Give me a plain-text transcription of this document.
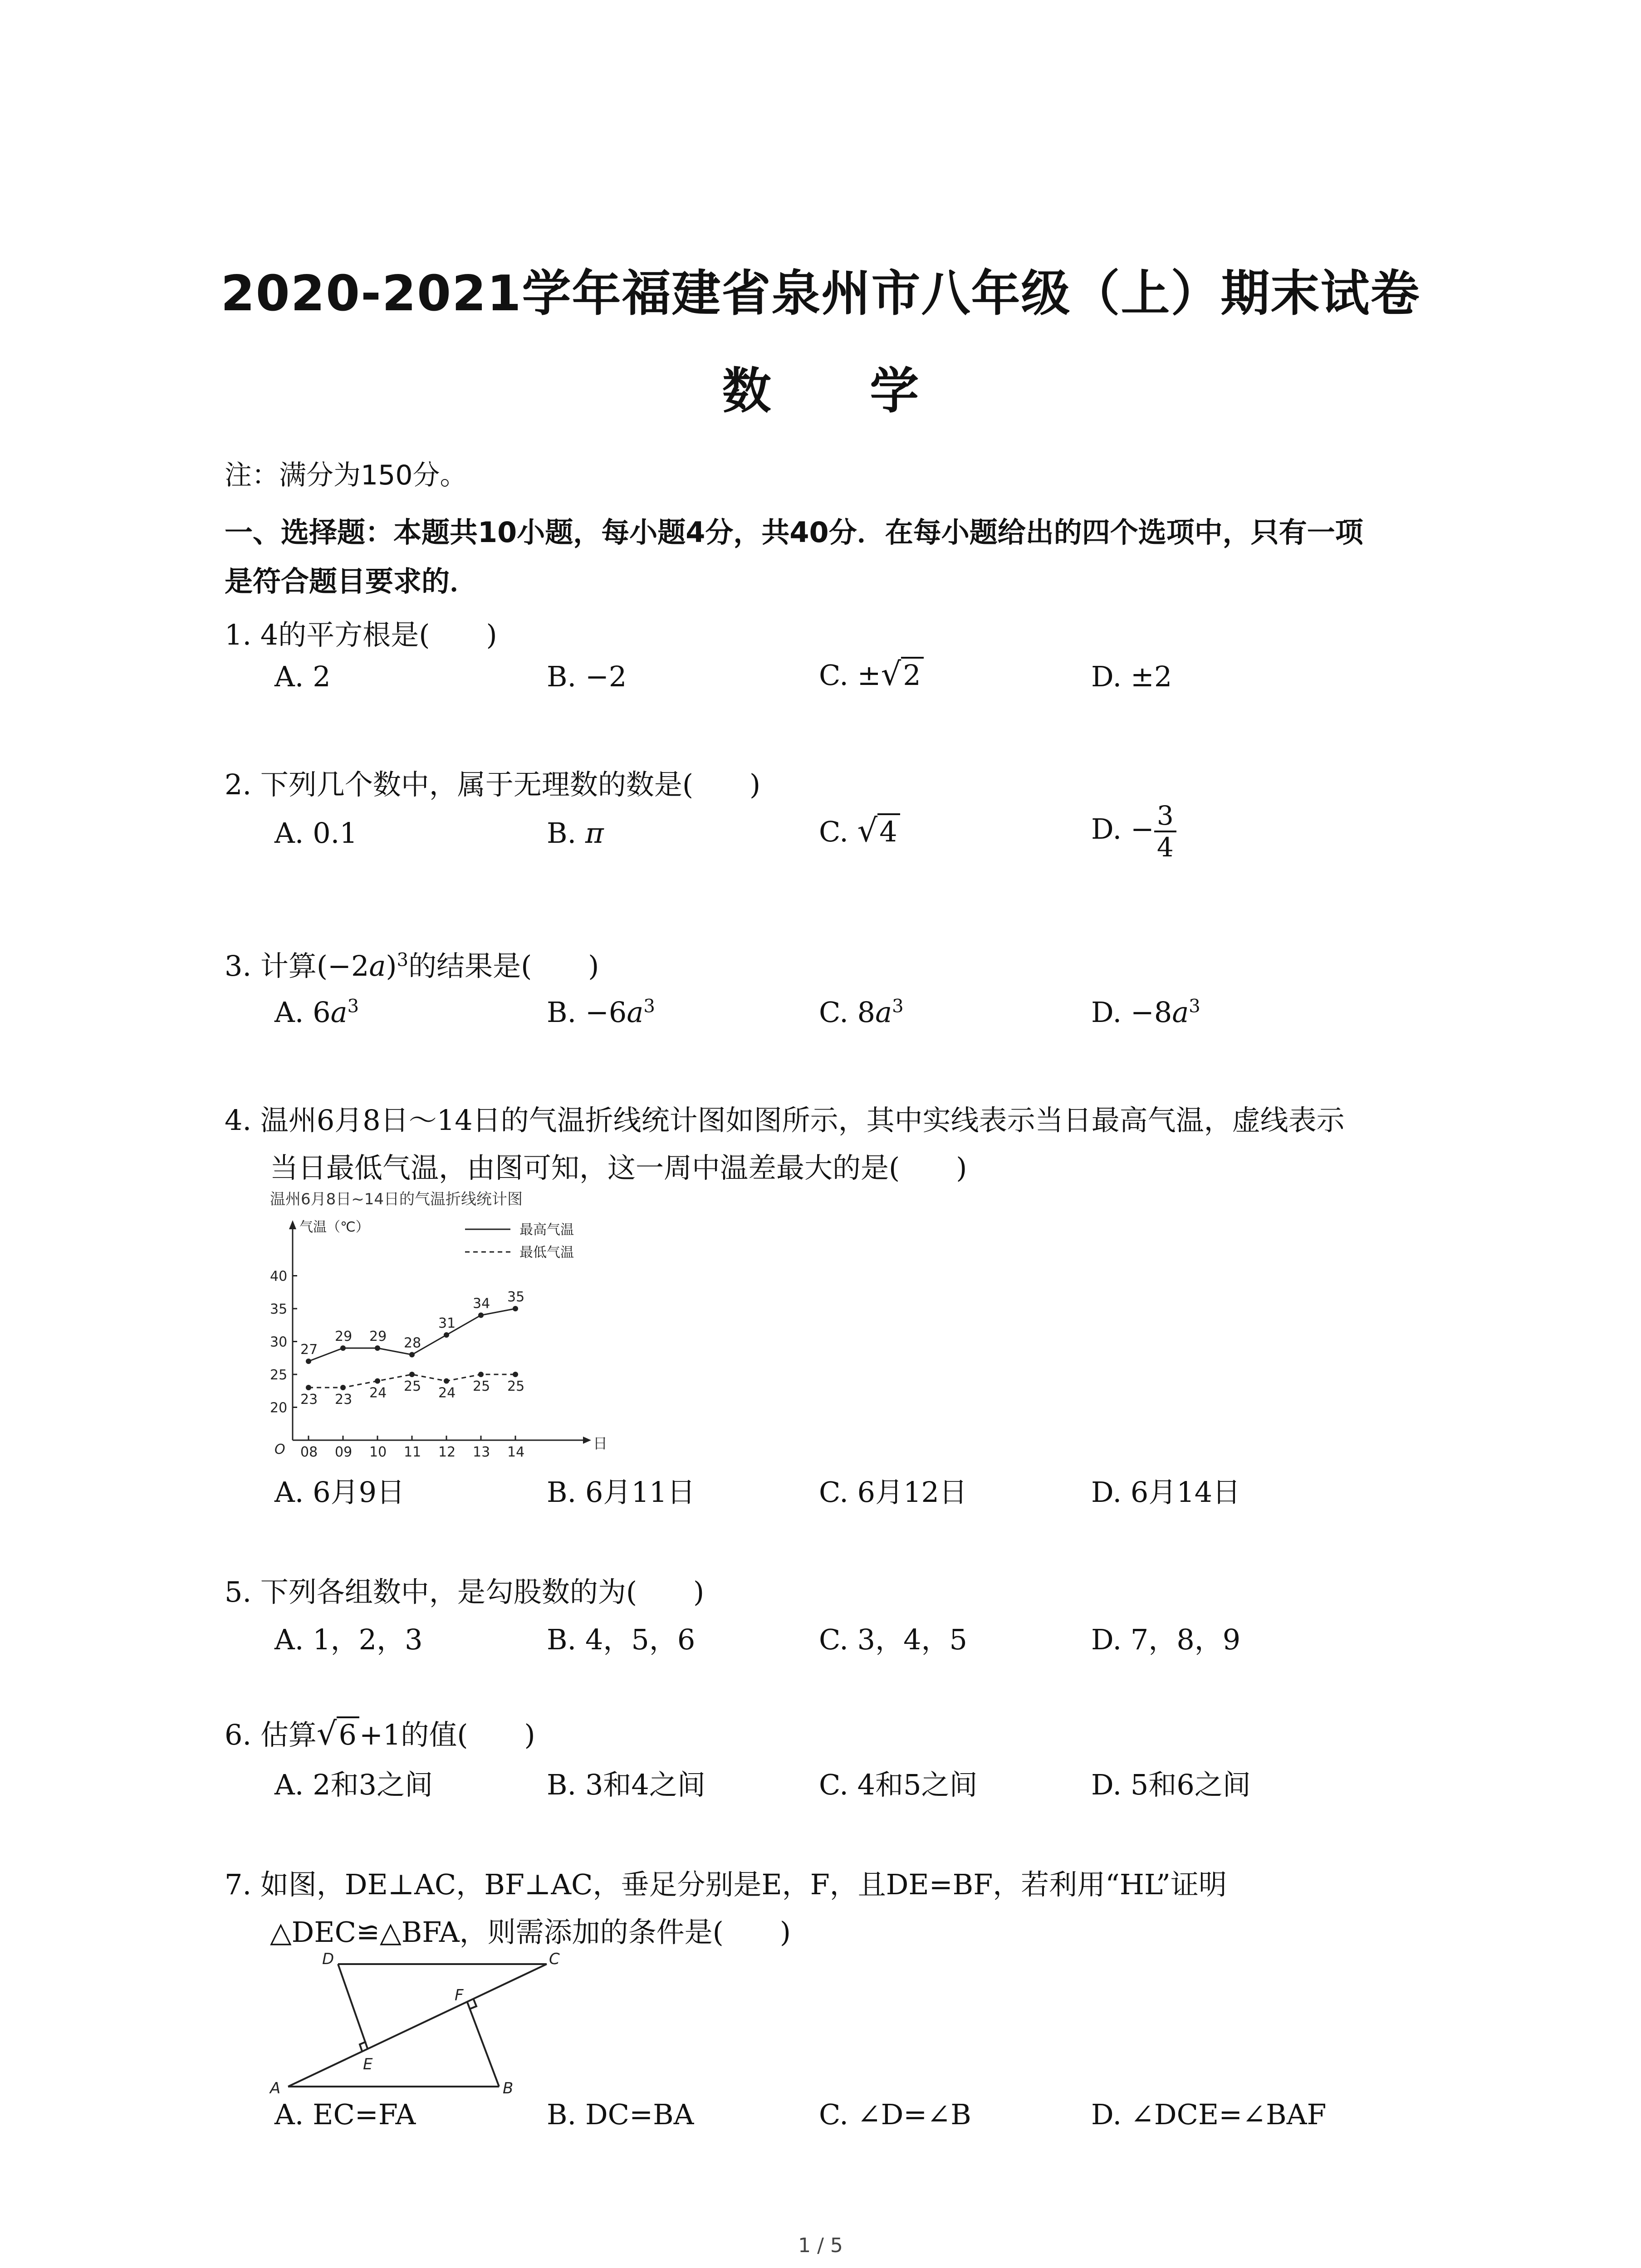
2020-2021学年福建省泉州市八年级（上）期末试卷
数 学
注：满分为150分。
一、选择题：本题共10小题，每小题4分，共40分．在每小题给出的四个选项中，只有一项
是符合题目要求的．
1. 4的平方根是(　　)
A. 2	B. −2	C. ±√2	D. ±2
2. 下列几个数中，属于无理数的数是(　　)
A. 0.1	B. π	C. √4	D. − $\frac{3}{4}$
3. 计算$(-2a)^3$的结果是(　　)
A. $6a^3$	B. $-6a^3$	C. $8a^3$	D. $-8a^3$
4. 温州6月8日～14日的气温折线统计图如图所示，其中实线表示当日最高气温，虚线表示
当日最低气温，由图可知，这一周中温差最大的是(　　)
温州6月8日~14日的气温折线统计图
气温（℃）
日
O
20
25
30
35
40
08 09 10 11 12 13 14
27
29 29 28
31
34 35
23 23 24 25 24 25 25
最高气温
最低气温
A. 6月9日	B. 6月11日	C. 6月12日	D. 6月14日
5. 下列各组数中，是勾股数的为(　　)
A. 1，2，3	B. 4，5，6	C. 3，4，5	D. 7，8，9
6. 估算√6+1的值(　　)
A. 2和3之间	B. 3和4之间	C. 4和5之间	D. 5和6之间
7. 如图，DE⊥AC，BF⊥AC，垂足分别是E，F，且DE=BF，若利用“HL”证明
△DEC≌△BFA，则需添加的条件是(　　)
D	C
F
E
A	B
A. EC=FA	B. DC=BA	C. ∠D=∠B	D. ∠DCE=∠BAF
1 / 5
